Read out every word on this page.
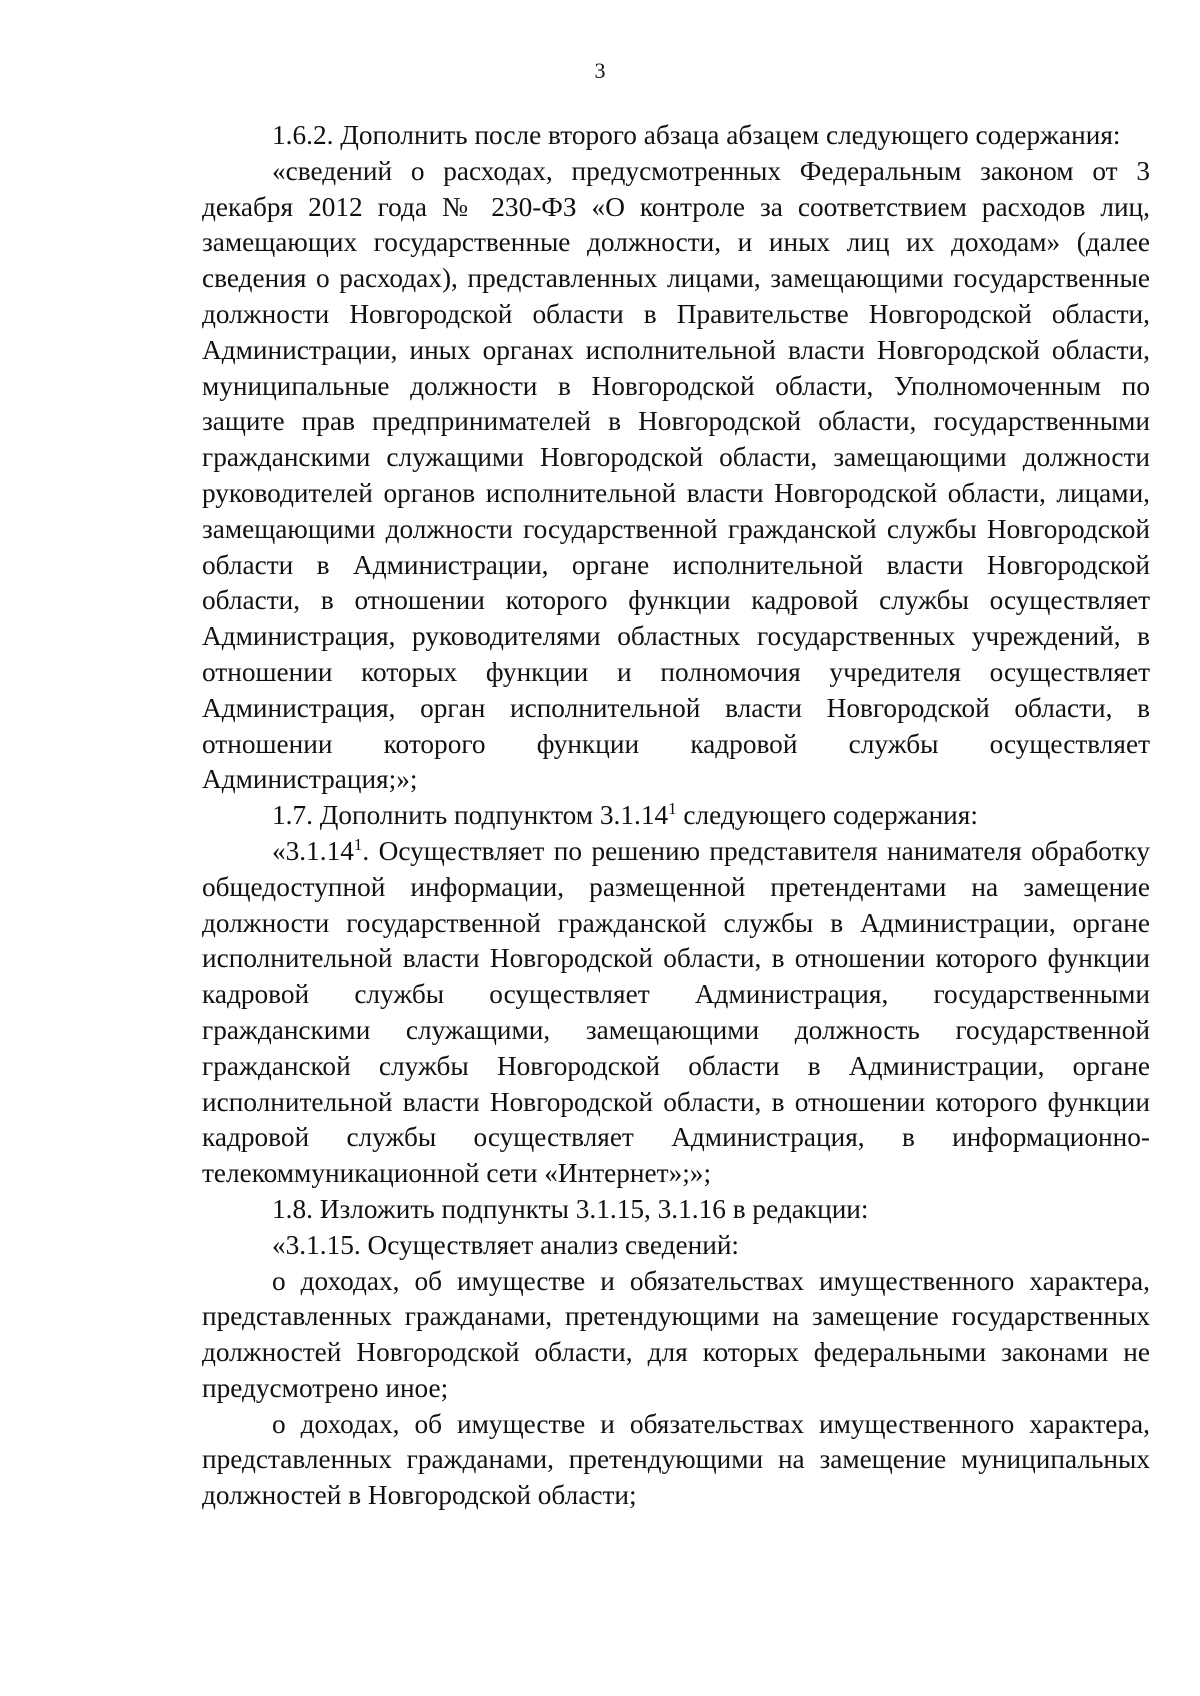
3

1.6.2. Дополнить после второго абзаца абзацем следующего содержания:

«сведений о расходах, предусмотренных Федеральным законом от 3 декабря 2012 года № 230-ФЗ «О контроле за соответствием расходов лиц, замещающих государственные должности, и иных лиц их доходам» (далее сведения о расходах), представленных лицами, замещающими государственные должности Новгородской области в Правительстве Новгородской области, Администрации, иных органах исполнительной власти Новгородской области, муниципальные должности в Новгородской области, Уполномоченным по защите прав предпринимателей в Новгородской области, государственными гражданскими служащими Новгородской области, замещающими должности руководителей органов исполнительной власти Новгородской области, лицами, замещающими должности государственной гражданской службы Новгородской области в Администрации, органе исполнительной власти Новгородской области, в отношении которого функции кадровой службы осуществляет Администрация, руководителями областных государственных учреждений, в отношении которых функции и полномочия учредителя осуществляет Администрация, орган исполнительной власти Новгородской области, в отношении которого функции кадровой службы осуществляет Администрация;»;

1.7. Дополнить подпунктом 3.1.14$^1$ следующего содержания:

«3.1.14$^1$. Осуществляет по решению представителя нанимателя обработку общедоступной информации, размещенной претендентами на замещение должности государственной гражданской службы в Администрации, органе исполнительной власти Новгородской области, в отношении которого функции кадровой службы осуществляет Администрация, государственными гражданскими служащими, замещающими должность государственной гражданской службы Новгородской области в Администрации, органе исполнительной власти Новгородской области, в отношении которого функции кадровой службы осуществляет Администрация, в информационно-телекоммуникационной сети «Интернет»;»;

1.8. Изложить подпункты 3.1.15, 3.1.16 в редакции:

«3.1.15. Осуществляет анализ сведений:

о доходах, об имуществе и обязательствах имущественного характера, представленных гражданами, претендующими на замещение государственных должностей Новгородской области, для которых федеральными законами не предусмотрено иное;

о доходах, об имуществе и обязательствах имущественного характера, представленных гражданами, претендующими на замещение муниципальных должностей в Новгородской области;
